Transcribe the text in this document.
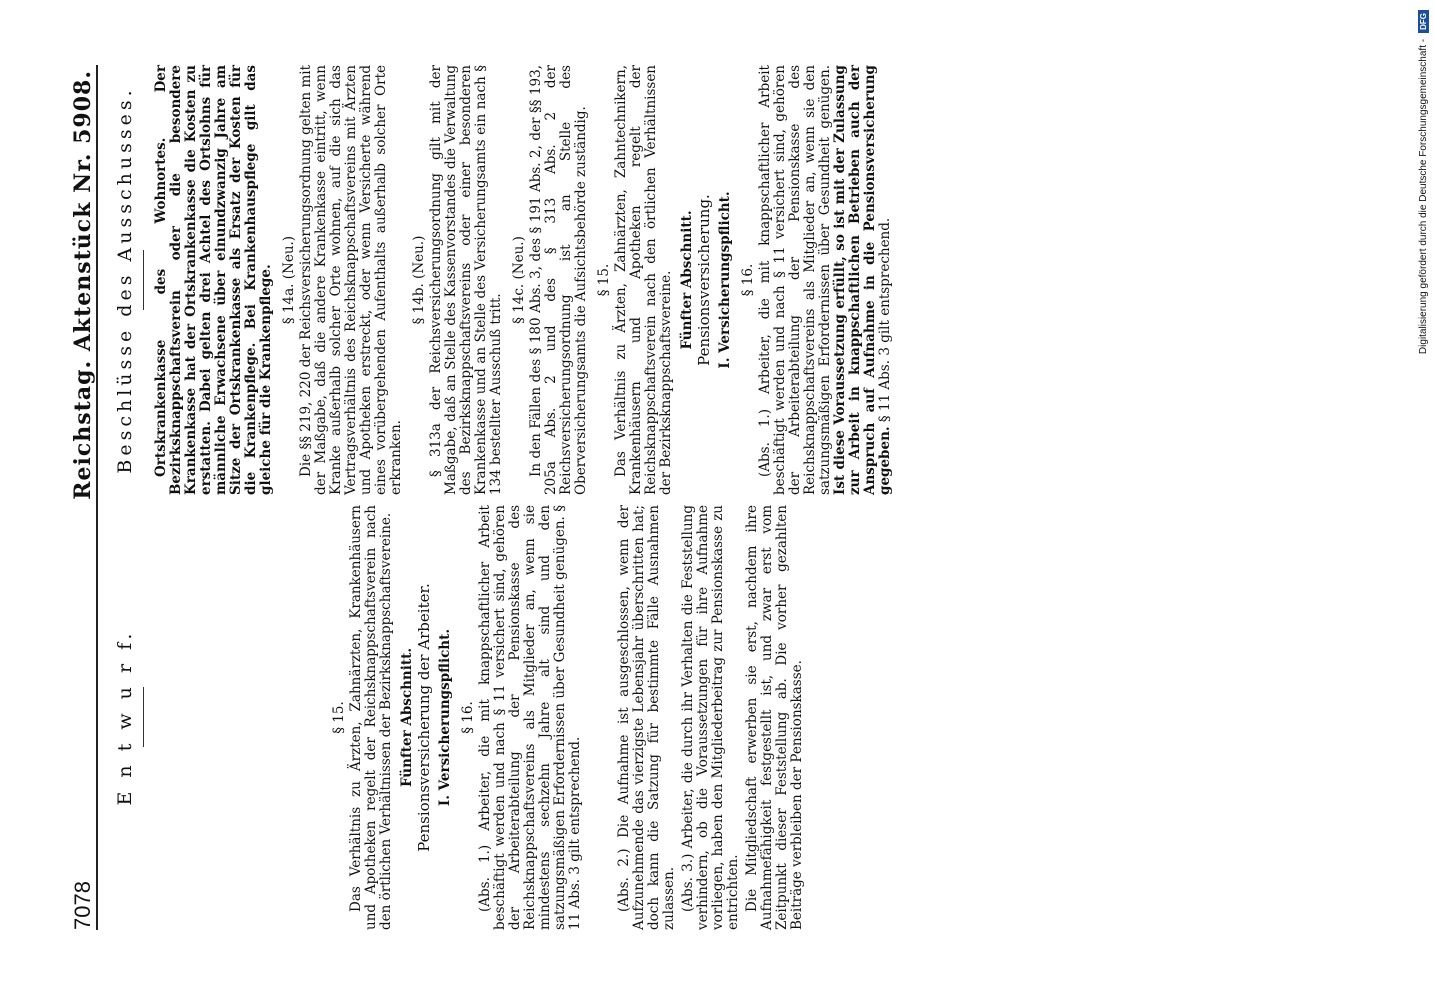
7078
Reichstag. Aktenstück Nr. 5908.
E n t w u r f.	§ 15. Das Verhältnis zu Ärzten, Zahnärzten, Krankenhäusern und Apotheken regelt der Reichsknappschaftsverein nach den örtlichen Verhältnissen der Bezirksknappschaftsvereine. Fünfter Abschnitt. Pensionsversicherung der Arbeiter. I. Versicherungspflicht. § 16. (Abs. 1.) Arbeiter, die mit knappschaftlicher Arbeit beschäftigt werden und nach § 11 versichert sind, gehören der Arbeiterabteilung der Pensionskasse des Reichsknappschaftsvereins als Mitglieder an, wenn sie mindestens sechzehn Jahre alt sind und den satzungsmäßigen Erfordernissen über Gesundheit genügen. § 11 Abs. 3 gilt entsprechend. (Abs. 2.) Die Aufnahme ist ausgeschlossen, wenn der Aufzunehmende das vierzigste Lebensjahr überschritten hat; doch kann die Satzung für bestimmte Fälle Ausnahmen zulassen. (Abs. 3.) Arbeiter, die durch ihr Verhalten die Feststellung verhindern, ob die Voraussetzungen für ihre Aufnahme vorliegen, haben den Mitgliederbeitrag zur Pensionskasse zu entrichten. Die Mitgliedschaft erwerben sie erst, nachdem ihre Aufnahmefähigkeit festgestellt ist, und zwar erst vom Zeitpunkt dieser Feststellung ab. Die vorher gezahlten Beiträge verbleiben der Pensionskasse.

Beschlüsse des Ausschusses. Ortskrankenkasse des Wohnortes. Der Bezirksknappschaftsverein oder die besondere Krankenkasse hat der Ortskrankenkasse die Kosten zu erstatten. Dabei gelten drei Achtel des Ortslohns für männliche Erwachsene über einundzwanzig Jahre am Sitze der Ortskrankenkasse als Ersatz der Kosten für die Krankenpflege. Bei Krankenhauspflege gilt das gleiche für die Krankenpflege. § 14a. (Neu.) Die §§ 219, 220 der Reichsversicherungsordnung gelten mit der Maßgabe, daß die andere Krankenkasse eintritt, wenn Kranke außerhalb solcher Orte wohnen, auf die sich das Vertragsverhältnis des Reichsknappschaftsvereins mit Ärzten und Apotheken erstreckt, oder wenn Versicherte während eines vorübergehenden Aufenthalts außerhalb solcher Orte erkranken.

§ 14b. (Neu.) § 313a der Reichsversicherungsordnung gilt mit der Maßgabe, daß an Stelle des Kassenvorstandes die Verwaltung des Bezirksknappschaftsvereins oder einer besonderen Krankenkasse und an Stelle des Versicherungsamts ein nach § 134 bestellter Ausschuß tritt.

§ 14c. (Neu.) In den Fällen des § 180 Abs. 3, des § 191 Abs. 2, der §§ 193, 205a Abs. 2 und des § 313 Abs. 2 der Reichsversicherungsordnung ist an Stelle des Oberversicherungsamts die Aufsichtsbehörde zuständig. § 15. Das Verhältnis zu Ärzten, Zahnärzten, Zahntechnikern, Krankenhäusern und Apotheken regelt der Reichsknappschaftsverein nach den örtlichen Verhältnissen der Bezirksknappschaftsvereine. Fünfter Abschnitt. Pensionsversicherung. I. Versicherungspflicht. § 16. (Abs. 1.) Arbeiter, die mit knappschaftlicher Arbeit beschäftigt werden und nach § 11 versichert sind, gehören der Arbeiterabteilung der Pensionskasse des Reichsknappschaftsvereins als Mitglieder an, wenn sie den satzungsmäßigen Erfordernissen über Gesundheit genügen. Ist diese Voraussetzung erfüllt, so ist mit der Zulassung zur Arbeit in knappschaftlichen Betrieben auch der Anspruch auf Aufnahme in die Pensionsversicherung gegeben. § 11 Abs. 3 gilt entsprechend.	Digitalisierung gefördert durch die Deutsche Forschungsgemeinschaft -
DFG
